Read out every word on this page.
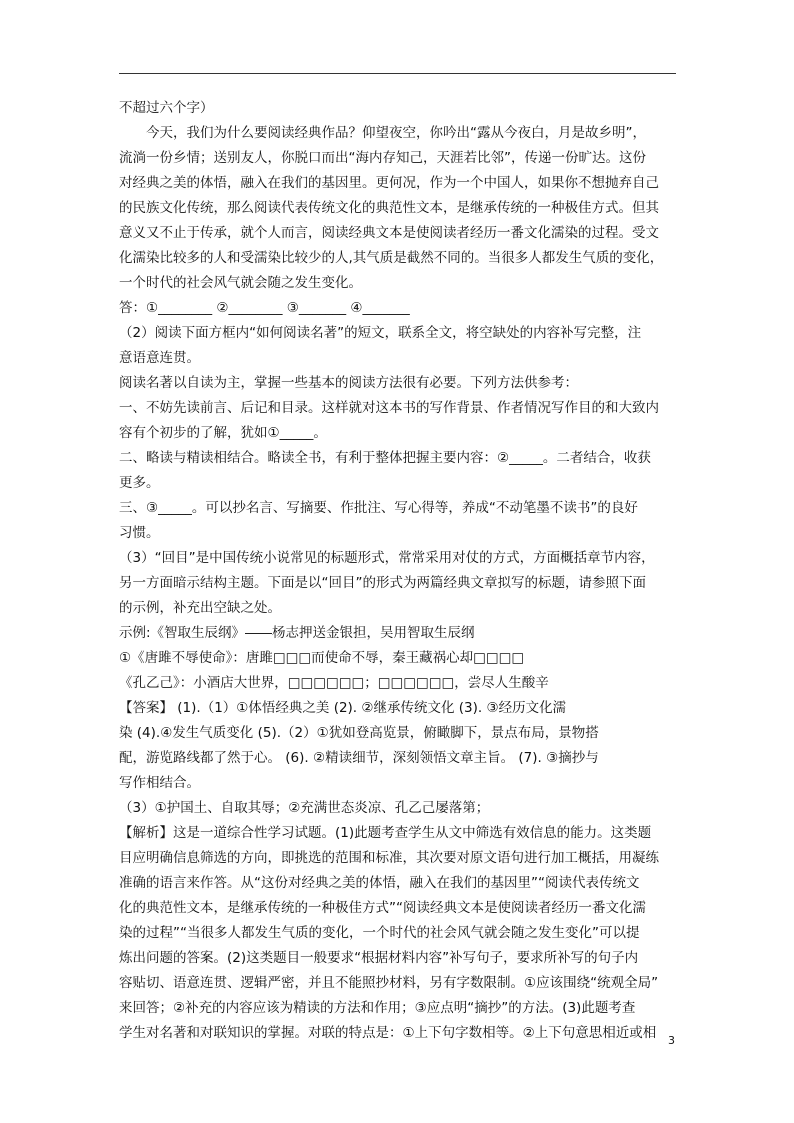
不超过六个字）
今天，我们为什么要阅读经典作品？仰望夜空，你吟出“露从今夜白，月是故乡明”，
流淌一份乡情；送别友人，你脱口而出“海内存知己，天涯若比邻”，传递一份旷达。这份
对经典之美的体悟，融入在我们的基因里。更何况，作为一个中国人，如果你不想抛弃自己
的民族文化传统，那么阅读代表传统文化的典范性文本，是继承传统的一种极佳方式。但其
意义又不止于传承，就个人而言，阅读经典文本是使阅读者经历一番文化濡染的过程。受文
化濡染比较多的人和受濡染比较少的人,其气质是截然不同的。当很多人都发生气质的变化，
一个时代的社会风气就会随之发生变化。
答：①________ ②________ ③_______ ④_______
（2）阅读下面方框内“如何阅读名著”的短文，联系全文，将空缺处的内容补写完整，注
意语意连贯。
阅读名著以自读为主，掌握一些基本的阅读方法很有必要。下列方法供参考：
一、不妨先读前言、后记和目录。这样就对这本书的写作背景、作者情况写作目的和大致内
容有个初步的了解，犹如①_____。
二、略读与精读相结合。略读全书，有利于整体把握主要内容：②_____。二者结合，收获
更多。
三、③_____。可以抄名言、写摘要、作批注、写心得等，养成“不动笔墨不读书”的良好
习惯。
（3）“回目”是中国传统小说常见的标题形式，常常采用对仗的方式，方面概括章节内容，
另一方面暗示结构主题。下面是以“回目”的形式为两篇经典文章拟写的标题，请参照下面
的示例，补充出空缺之处。
示例:《智取生辰纲》――杨志押送金银担，吴用智取生辰纲
①《唐雎不辱使命》：唐雎□□□而使命不辱，秦王藏祸心却□□□□
《孔乙己》：小酒店大世界，□□□□□□；□□□□□□，尝尽人生酸辛
【答案】 (1).（1）①体悟经典之美 (2). ②继承传统文化 (3). ③经历文化濡
染 (4).④发生气质变化 (5).（2）①犹如登高览景，俯瞰脚下，景点布局，景物搭
配，游览路线都了然于心。 (6). ②精读细节，深刻领悟文章主旨。 (7). ③摘抄与
写作相结合。
（3）①护国土、自取其辱；②充满世态炎凉、孔乙己屡落第；
【解析】这是一道综合性学习试题。(1)此题考查学生从文中筛选有效信息的能力。这类题
目应明确信息筛选的方向，即挑选的范围和标准，其次要对原文语句进行加工概括，用凝练
准确的语言来作答。从“这份对经典之美的体悟，融入在我们的基因里”“阅读代表传统文
化的典范性文本，是继承传统的一种极佳方式”“阅读经典文本是使阅读者经历一番文化濡
染的过程”“当很多人都发生气质的变化，一个时代的社会风气就会随之发生变化”可以提
炼出问题的答案。(2)这类题目一般要求“根据材料内容”补写句子，要求所补写的句子内
容贴切、语意连贯、逻辑严密，并且不能照抄材料，另有字数限制。①应该围绕“统观全局”
来回答；②补充的内容应该为精读的方法和作用；③应点明“摘抄”的方法。(3)此题考查
学生对名著和对联知识的掌握。对联的特点是：①上下句字数相等。②上下句意思相近或相	3
